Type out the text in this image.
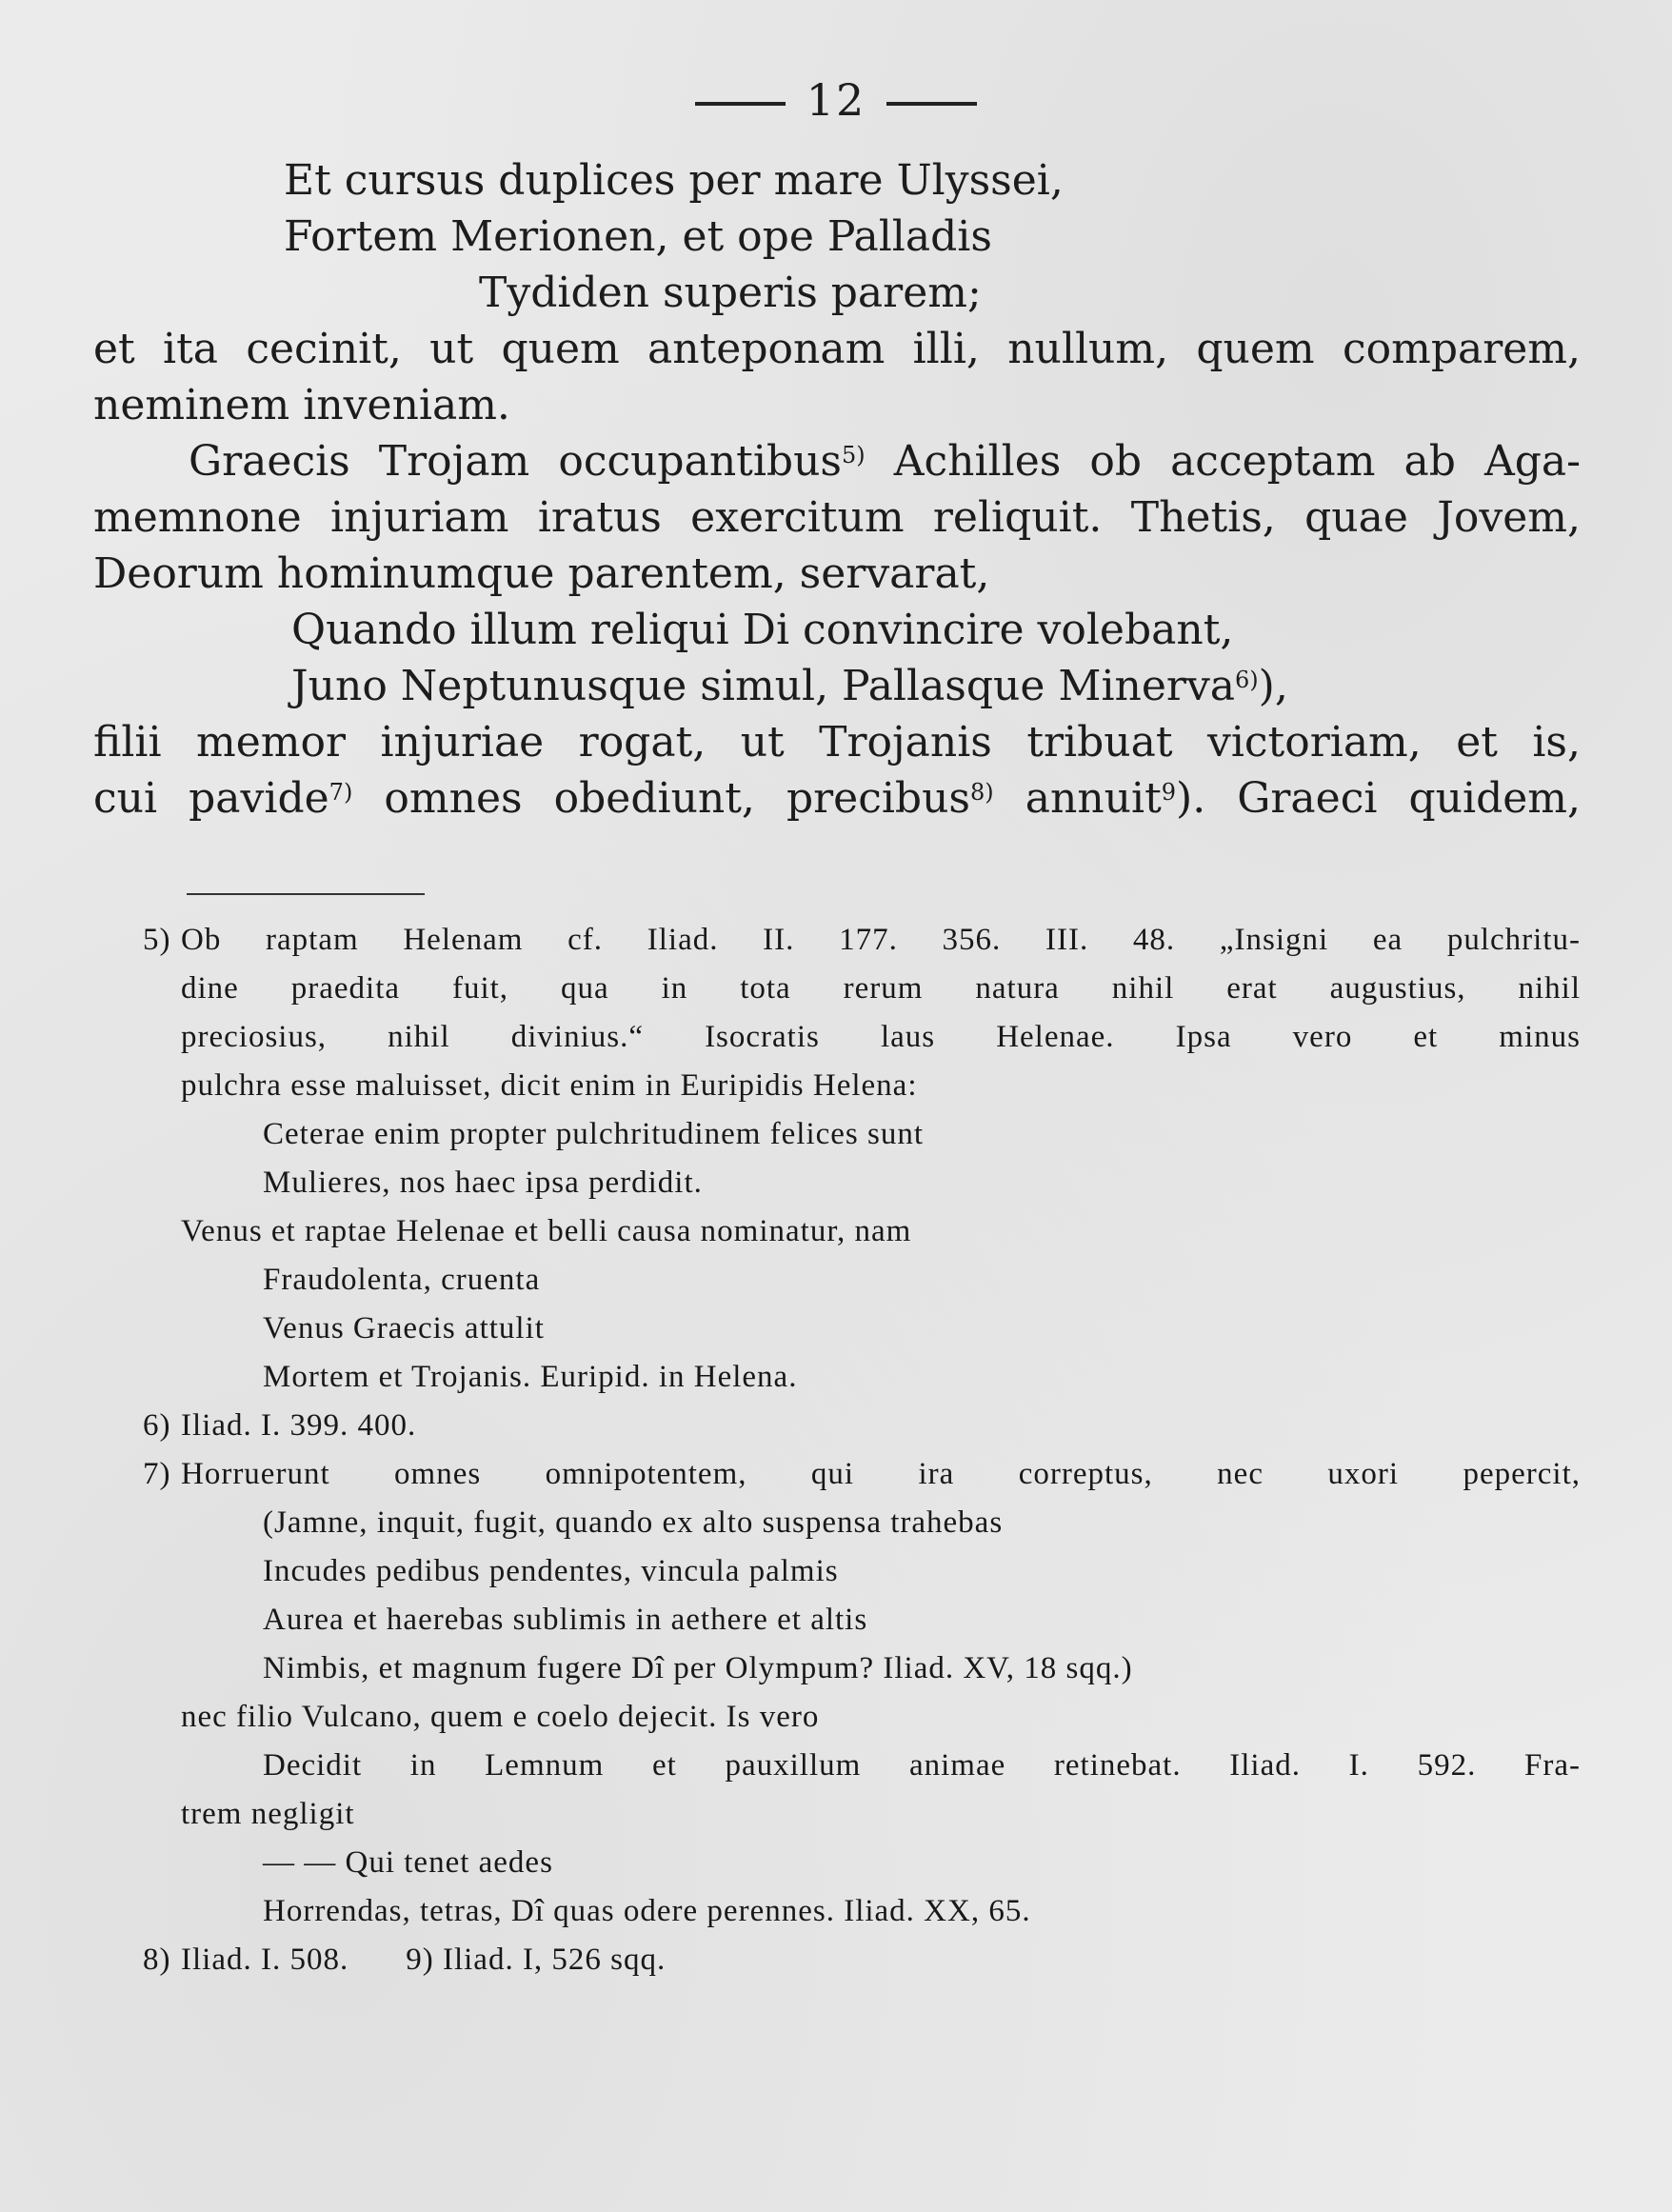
12
Et cursus duplices per mare Ulyssei,
Fortem Merionen, et ope Palladis
Tydiden superis parem;
et ita cecinit, ut quem anteponam illi, nullum, quem comparem,
neminem inveniam.
Graecis Trojam occupantibus$^{5)}$ Achilles ob acceptam ab Aga-
memnone injuriam iratus exercitum reliquit. Thetis, quae Jovem,
Deorum hominumque parentem, servarat,
Quando illum reliqui Di convincire volebant,
Juno Neptunusque simul, Pallasque Minerva$^{6)}$),
filii memor injuriae rogat, ut Trojanis tribuat victoriam, et is,
cui pavide$^{7)}$ omnes obediunt, precibus$^{8)}$ annuit$^9$). Graeci quidem,
5) Ob raptam Helenam cf. Iliad. II. 177. 356. III. 48. „Insigni ea pulchritu-
dine praedita fuit, qua in tota rerum natura nihil erat augustius, nihil
preciosius, nihil divinius.“ Isocratis laus Helenae. Ipsa vero et minus
pulchra esse maluisset, dicit enim in Euripidis Helena:
Ceterae enim propter pulchritudinem felices sunt
Mulieres, nos haec ipsa perdidit.
Venus et raptae Helenae et belli causa nominatur, nam
Fraudolenta, cruenta
Venus Graecis attulit
Mortem et Trojanis. Euripid. in Helena.
6) Iliad. I. 399. 400.
7) Horruerunt omnes omnipotentem, qui ira correptus, nec uxori pepercit,
(Jamne, inquit, fugit, quando ex alto suspensa trahebas
Incudes pedibus pendentes, vincula palmis
Aurea et haerebas sublimis in aethere et altis
Nimbis, et magnum fugere Dî per Olympum? Iliad. XV, 18 sqq.)
nec filio Vulcano, quem e coelo dejecit. Is vero
Decidit in Lemnum et pauxillum animae retinebat. Iliad. I. 592. Fra-
trem negligit
— — Qui tenet aedes
Horrendas, tetras, Dî quas odere perennes. Iliad. XX, 65.
8) Iliad. I. 508. 9) Iliad. I, 526 sqq.
